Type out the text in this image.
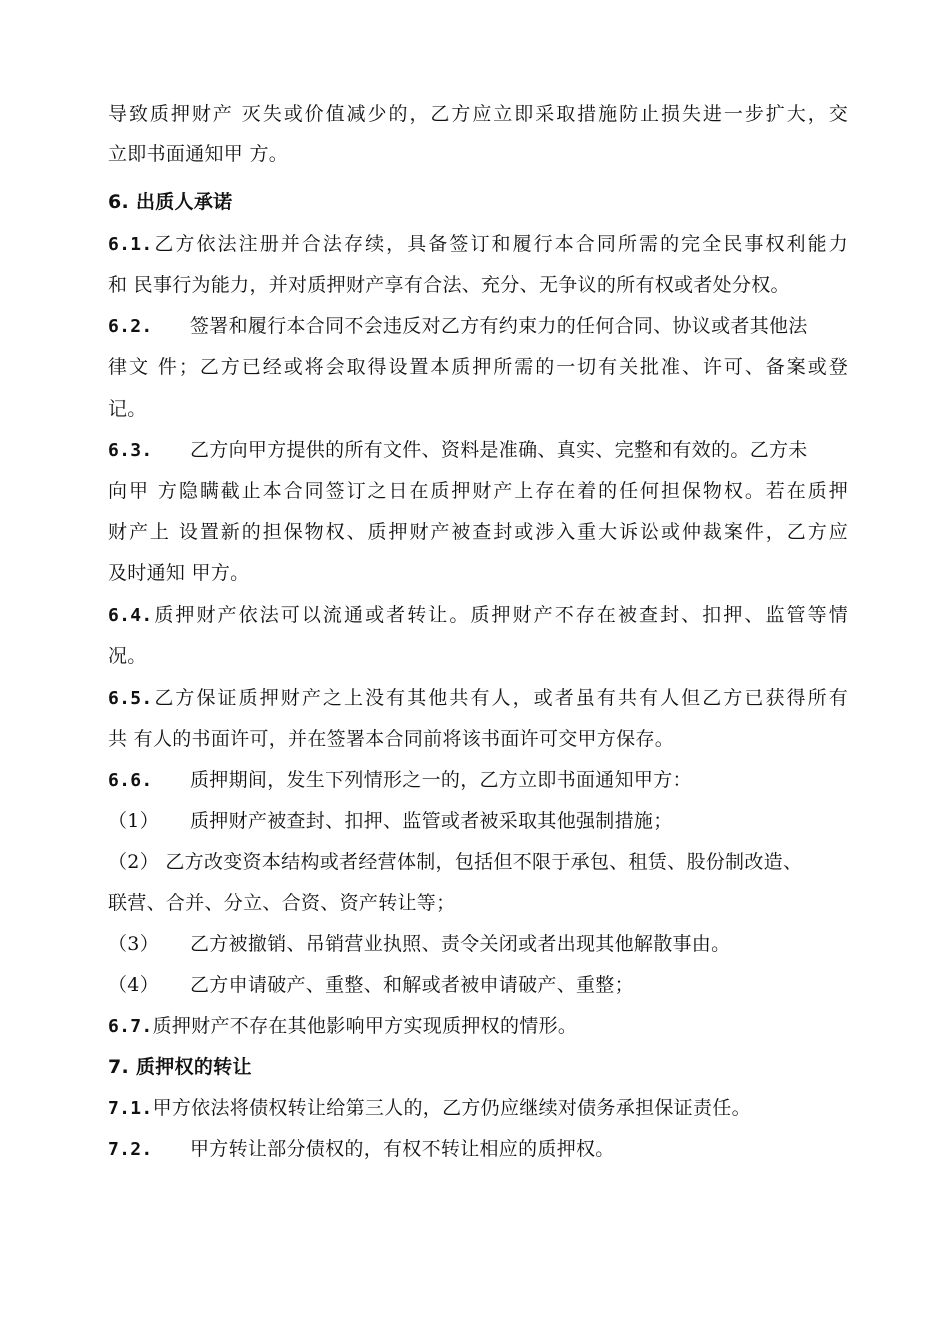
导致质押财产 灭失或价值减少的，乙方应立即采取措施防止损失进一步扩大，交
立即书面通知甲 方。
6. 出质人承诺
6.1.乙方依法注册并合法存续，具备签订和履行本合同所需的完全民事权利能力
和 民事行为能力，并对质押财产享有合法、充分、无争议的所有权或者处分权。
6.2. 签署和履行本合同不会违反对乙方有约束力的任何合同、协议或者其他法
律文 件；乙方已经或将会取得设置本质押所需的一切有关批准、许可、备案或登
记。
6.3. 乙方向甲方提供的所有文件、资料是准确、真实、完整和有效的。乙方未
向甲 方隐瞒截止本合同签订之日在质押财产上存在着的任何担保物权。若在质押
财产上 设置新的担保物权、质押财产被查封或涉入重大诉讼或仲裁案件，乙方应
及时通知 甲方。
6.4.质押财产依法可以流通或者转让。质押财产不存在被查封、扣押、监管等情
况。
6.5.乙方保证质押财产之上没有其他共有人，或者虽有共有人但乙方已获得所有
共 有人的书面许可，并在签署本合同前将该书面许可交甲方保存。
6.6. 质押期间，发生下列情形之一的，乙方立即书面通知甲方：
（1） 质押财产被查封、扣押、监管或者被采取其他强制措施；
（2） 乙方改变资本结构或者经营体制，包括但不限于承包、租赁、股份制改造、
联营、合并、分立、合资、资产转让等；
（3） 乙方被撤销、吊销营业执照、责令关闭或者出现其他解散事由。
（4） 乙方申请破产、重整、和解或者被申请破产、重整；
6.7.质押财产不存在其他影响甲方实现质押权的情形。
7. 质押权的转让
7.1.甲方依法将债权转让给第三人的，乙方仍应继续对债务承担保证责任。
7.2. 甲方转让部分债权的，有权不转让相应的质押权。
